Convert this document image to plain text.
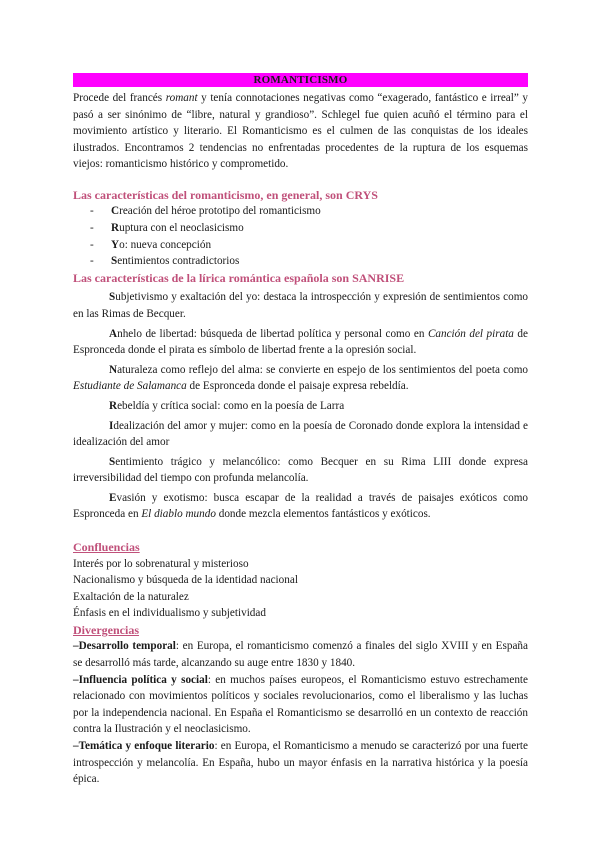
ROMANTICISMO

Procede del francés romant y tenía connotaciones negativas como “exagerado, fantástico e irreal” y pasó a ser sinónimo de “libre, natural y grandioso”. Schlegel fue quien acuñó el término para el movimiento artístico y literario. El Romanticismo es el culmen de las conquistas de los ideales ilustrados. Encontramos 2 tendencias no enfrentadas procedentes de la ruptura de los esquemas viejos: romanticismo histórico y comprometido.

Las características del romanticismo, en general, son CRYS
- Creación del héroe prototipo del romanticismo
- Ruptura con el neoclasicismo
- Yo: nueva concepción
- Sentimientos contradictorios
Las características de la lírica romántica española son SANRISE

Subjetivismo y exaltación del yo: destaca la introspección y expresión de sentimientos como en las Rimas de Becquer.

Anhelo de libertad: búsqueda de libertad política y personal como en Canción del pirata de Espronceda donde el pirata es símbolo de libertad frente a la opresión social.

Naturaleza como reflejo del alma: se convierte en espejo de los sentimientos del poeta como Estudiante de Salamanca de Espronceda donde el paisaje expresa rebeldía.

Rebeldía y crítica social: como en la poesía de Larra

Idealización del amor y mujer: como en la poesía de Coronado donde explora la intensidad e idealización del amor

Sentimiento trágico y melancólico: como Becquer en su Rima LIII donde expresa irreversibilidad del tiempo con profunda melancolía.

Evasión y exotismo: busca escapar de la realidad a través de paisajes exóticos como Espronceda en El diablo mundo donde mezcla elementos fantásticos y exóticos.

Confluencias
Interés por lo sobrenatural y misterioso
Nacionalismo y búsqueda de la identidad nacional
Exaltación de la naturalez
Énfasis en el individualismo y subjetividad
Divergencias

–Desarrollo temporal: en Europa, el romanticismo comenzó a finales del siglo XVIII y en España se desarrolló más tarde, alcanzando su auge entre 1830 y 1840.

–Influencia política y social: en muchos países europeos, el Romanticismo estuvo estrechamente relacionado con movimientos políticos y sociales revolucionarios, como el liberalismo y las luchas por la independencia nacional. En España el Romanticismo se desarrolló en un contexto de reacción contra la Ilustración y el neoclasicismo.

–Temática y enfoque literario: en Europa, el Romanticismo a menudo se caracterizó por una fuerte introspección y melancolía. En España, hubo un mayor énfasis en la narrativa histórica y la poesía épica.
